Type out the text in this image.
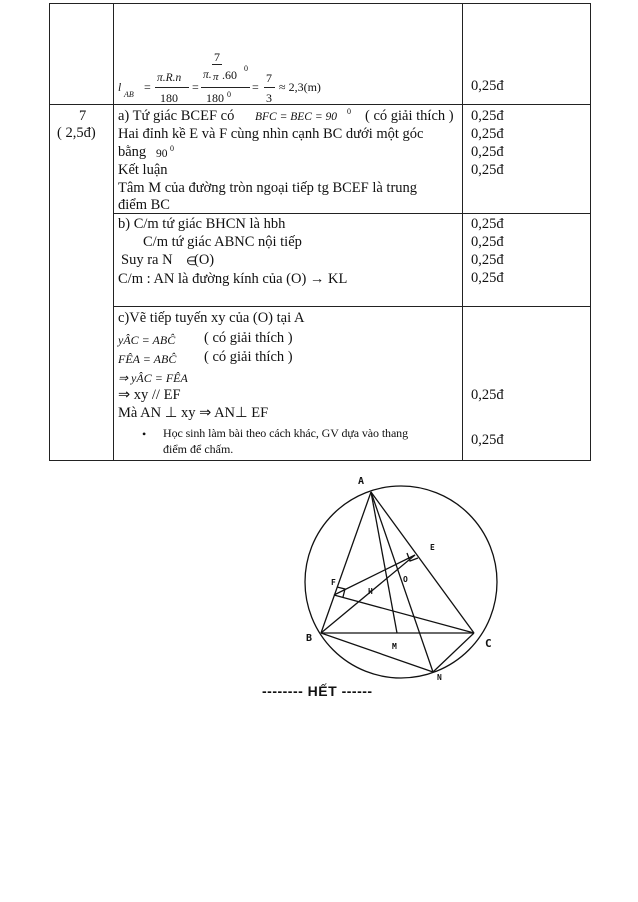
l
AB
=
π.R.n
180
=
π.
7
π .60 0
180 0
=
7
3
≈ 2,3(m)	0,25đ
7
( 2,5đ)
a) Tứ giác BCEF có BFC = BEC = 90 0 ( có giải thích )
Hai đỉnh kề E và F cùng nhìn cạnh BC dưới một góc
bằng 90 0
Kết luận
Tâm M của đường tròn ngoại tiếp tg BCEF là trung
điểm BC
0,25đ
0,25đ
0,25đ
0,25đ
b) C/m tứ giác BHCN là hbh
C/m tứ giác ABNC nội tiếp
Suy ra N ∈
(O)
C/m : AN là đường kính của (O) → KL
0,25đ
0,25đ
0,25đ
0,25đ
c)Vẽ tiếp tuyến xy của (O) tại A
yÂC = ABĈ ( có giải thích )
FÊA = ABĈ ( có giải thích )
⇒ yÂC = FÊA
⇒ xy // EF
Mà AN ⊥ xy ⇒ AN⊥ EF
• Học sinh làm bài theo cách khác, GV dựa vào thang
điểm để chấm.
0,25đ
0,25đ
A
B	C
E
F
H
O
M
N
-------- HẾT ------
